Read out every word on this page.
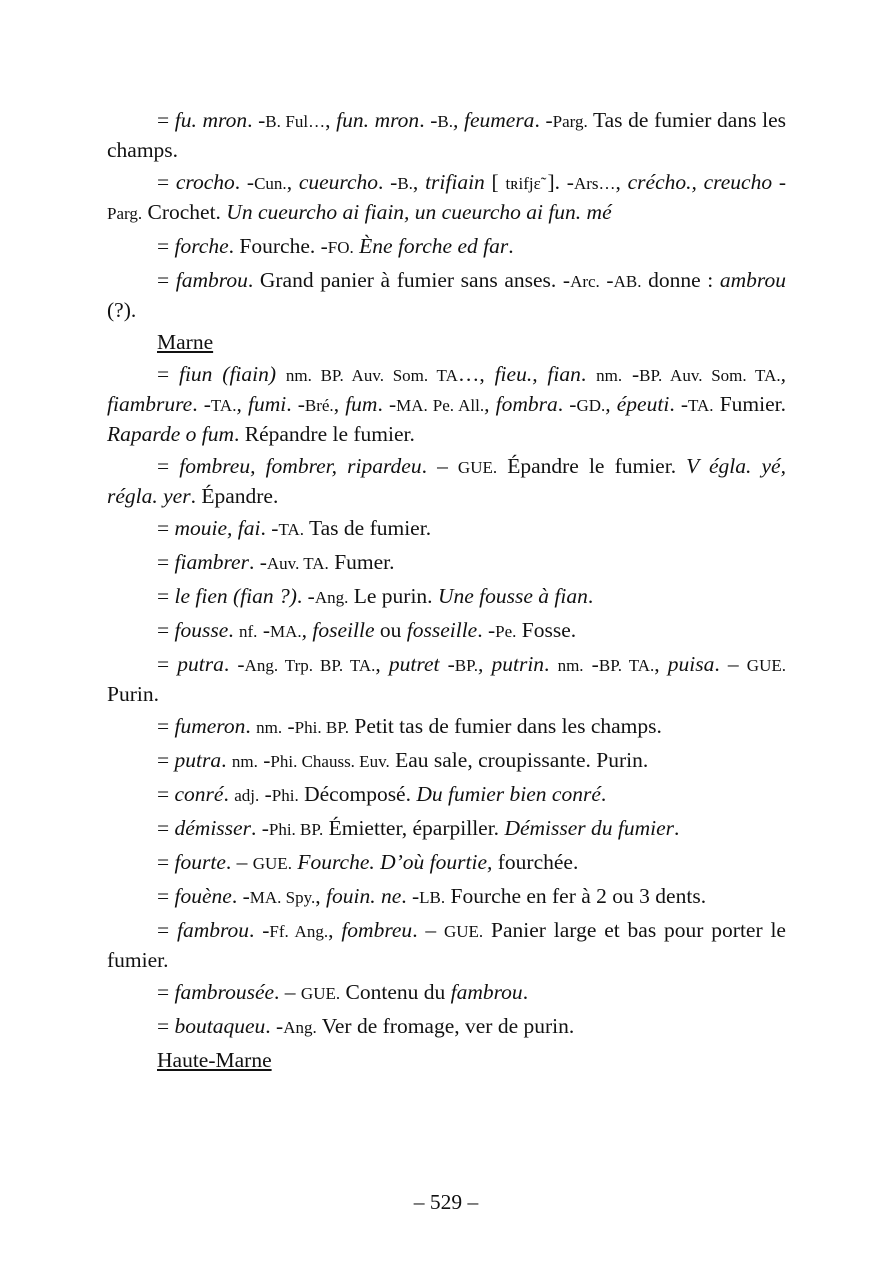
= fu. mron. -B. Ful…, fun. mron. -B., feumera. -Parg. Tas de fumier dans les champs.

= crocho. -Cun., cueurcho. -B., trifiain [ tʀifjɛ̃ ]. -Ars…, crécho., creucho -Parg. Crochet. Un cueurcho ai fiain, un cueurcho ai fun. mé

= forche. Fourche. -FO. Ène forche ed far.

= fambrou. Grand panier à fumier sans anses. -Arc. -AB. donne : ambrou (?).

Marne

= fiun (fiain) nm. BP. Auv. Som. TA…, fieu., fian. nm. -BP. Auv. Som. TA., fiambrure. -TA., fumi. -Bré., fum. -MA. Pe. All., fombra. -GD., épeuti. -TA. Fumier. Raparde o fum. Répandre le fumier.

= fombreu, fombrer, ripardeu. – GUE. Épandre le fumier. V égla. yé, régla. yer. Épandre.

= mouie, fai. -TA. Tas de fumier.

= fiambrer. -Auv. TA. Fumer.

= le fien (fian ?). -Ang. Le purin. Une fousse à fian.

= fousse. nf. -MA., foseille ou fosseille. -Pe. Fosse.

= putra. -Ang. Trp. BP. TA., putret -BP., putrin. nm. -BP. TA., puisa. – GUE. Purin.

= fumeron. nm. -Phi. BP. Petit tas de fumier dans les champs.

= putra. nm. -Phi. Chauss. Euv. Eau sale, croupissante. Purin.

= conré. adj. -Phi. Décomposé. Du fumier bien conré.

= démisser. -Phi. BP. Émietter, éparpiller. Démisser du fumier.

= fourte. – GUE. Fourche. D’où fourtie, fourchée.

= fouène. -MA. Spy., fouin. ne. -LB. Fourche en fer à 2 ou 3 dents.

= fambrou. -Ff. Ang., fombreu. – GUE. Panier large et bas pour porter le fumier.

= fambrousée. – GUE. Contenu du fambrou.

= boutaqueu. -Ang. Ver de fromage, ver de purin.

Haute-Marne

– 529 –
